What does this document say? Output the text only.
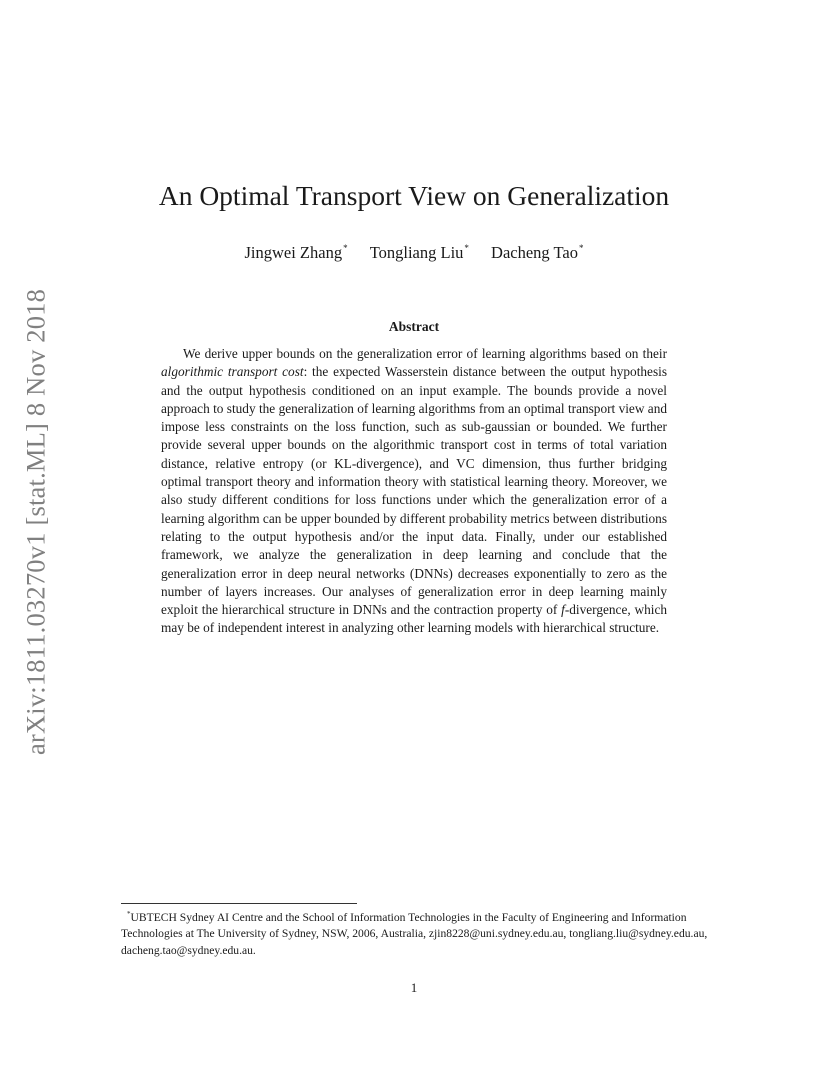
arXiv:1811.03270v1 [stat.ML] 8 Nov 2018
An Optimal Transport View on Generalization
Jingwei Zhang* Tongliang Liu* Dacheng Tao*
Abstract

We derive upper bounds on the generalization error of learning algorithms based on their algorithmic transport cost: the expected Wasserstein distance between the output hypothesis and the output hypothesis conditioned on an input example. The bounds provide a novel approach to study the generalization of learning algorithms from an optimal transport view and impose less constraints on the loss function, such as sub-gaussian or bounded. We further provide several upper bounds on the algorithmic transport cost in terms of total variation distance, relative entropy (or KL-divergence), and VC dimension, thus further bridging optimal transport theory and information theory with statistical learning theory. Moreover, we also study different conditions for loss functions under which the generalization error of a learning algorithm can be upper bounded by different probability metrics between distributions relating to the output hypothesis and/or the input data. Finally, under our established framework, we analyze the generalization in deep learning and conclude that the generalization error in deep neural networks (DNNs) decreases exponentially to zero as the number of layers increases. Our analyses of generalization error in deep learning mainly exploit the hierarchical structure in DNNs and the contraction property of f-divergence, which may be of independent interest in analyzing other learning models with hierarchical structure.

*UBTECH Sydney AI Centre and the School of Information Technologies in the Faculty of Engineering and Information Technologies at The University of Sydney, NSW, 2006, Australia, zjin8228@uni.sydney.edu.au, tongliang.liu@sydney.edu.au, dacheng.tao@sydney.edu.au.

1
